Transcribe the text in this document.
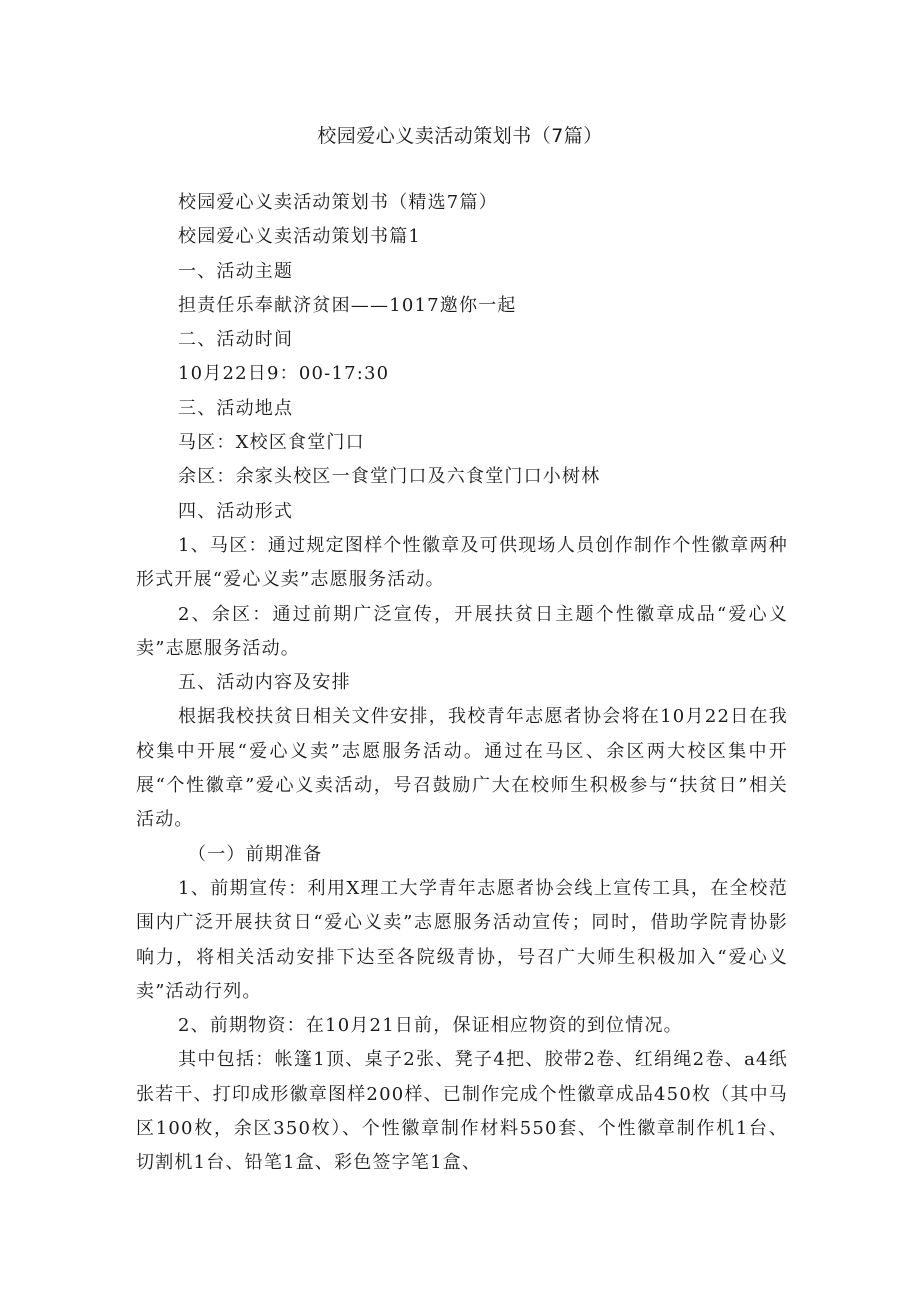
校园爱心义卖活动策划书（7篇）
校园爱心义卖活动策划书（精选7篇）
校园爱心义卖活动策划书篇1
一、活动主题
担责任乐奉献济贫困——1017邀你一起
二、活动时间
10月22日9：00-17:30
三、活动地点
马区：X校区食堂门口
余区：余家头校区一食堂门口及六食堂门口小树林
四、活动形式

1、马区：通过规定图样个性徽章及可供现场人员创作制作个性徽章两种形式开展“爱心义卖”志愿服务活动。

2、余区：通过前期广泛宣传，开展扶贫日主题个性徽章成品“爱心义卖”志愿服务活动。

五、活动内容及安排

根据我校扶贫日相关文件安排，我校青年志愿者协会将在10月22日在我校集中开展“爱心义卖”志愿服务活动。通过在马区、余区两大校区集中开展“个性徽章”爱心义卖活动，号召鼓励广大在校师生积极参与“扶贫日”相关活动。

（一）前期准备

1、前期宣传：利用X理工大学青年志愿者协会线上宣传工具，在全校范围内广泛开展扶贫日“爱心义卖”志愿服务活动宣传；同时，借助学院青协影响力，将相关活动安排下达至各院级青协，号召广大师生积极加入“爱心义卖”活动行列。

2、前期物资：在10月21日前，保证相应物资的到位情况。

其中包括：帐篷1顶、桌子2张、凳子4把、胶带2卷、红绢绳2卷、a4纸张若干、打印成形徽章图样200样、已制作完成个性徽章成品450枚（其中马区100枚，余区350枚）、个性徽章制作材料550套、个性徽章制作机1台、切割机1台、铅笔1盒、彩色签字笔1盒、
